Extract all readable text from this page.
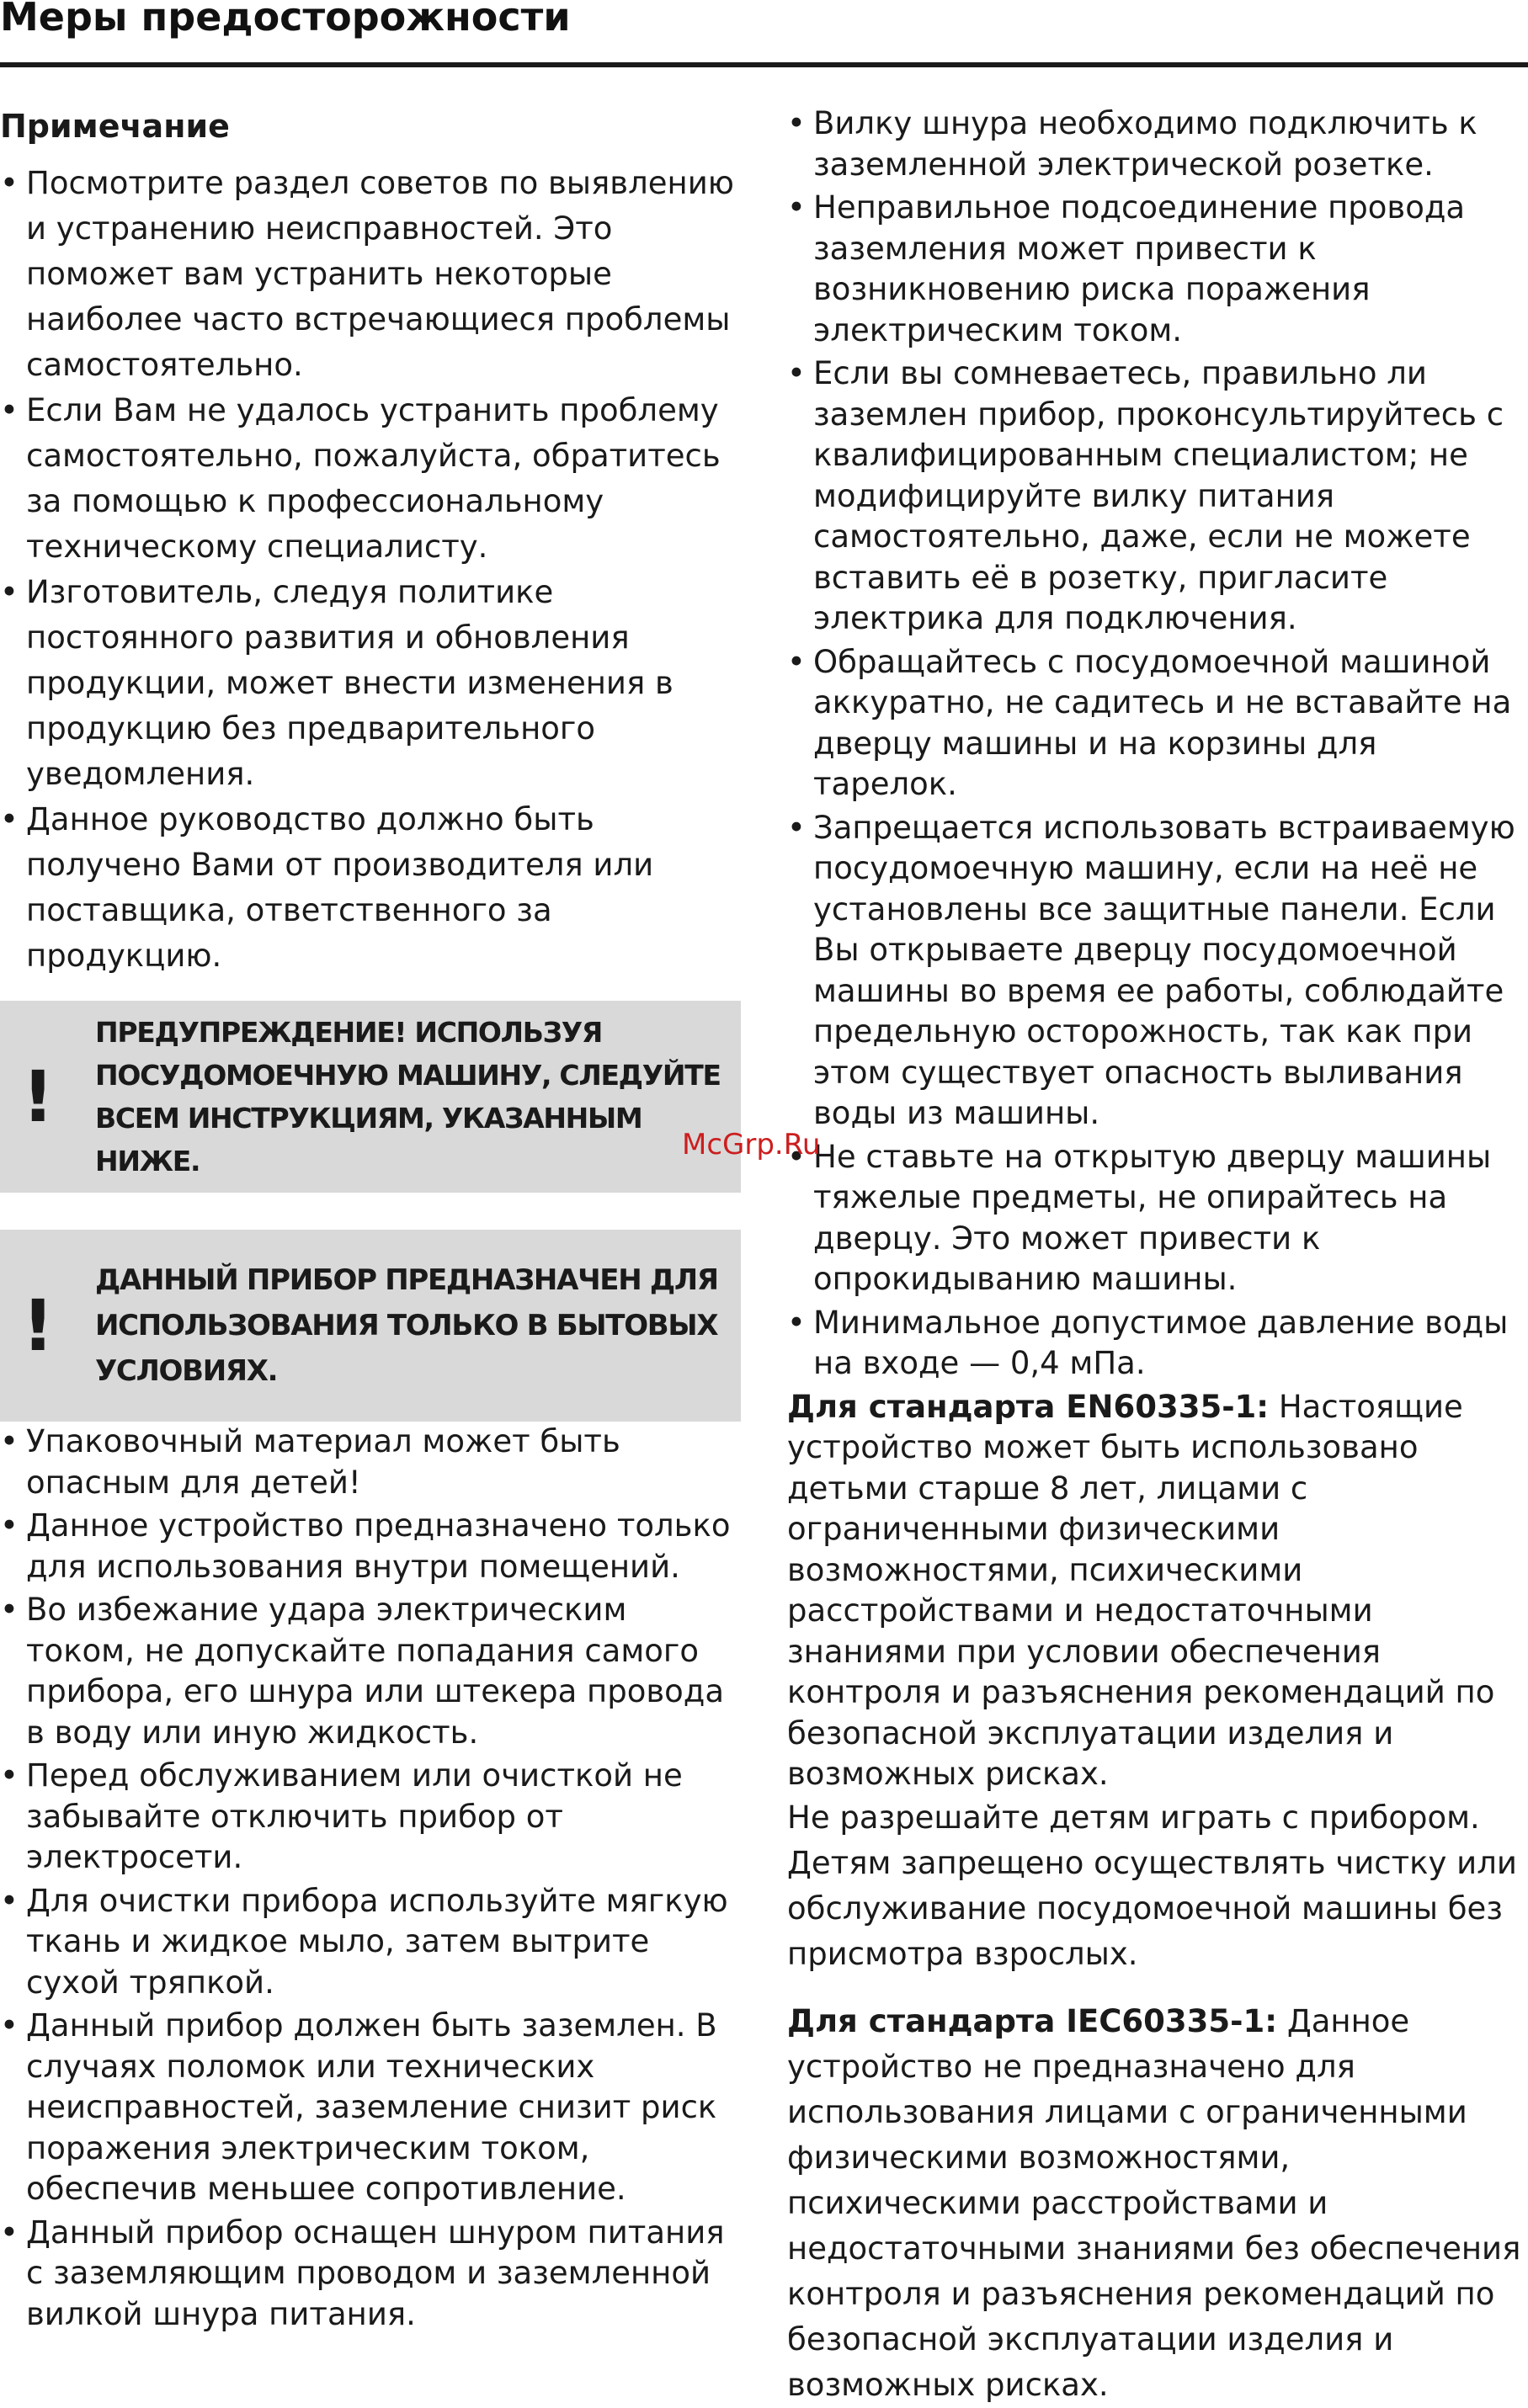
Меры предосторожности
Примечание
• Посмотрите раздел советов по выявлению и устранению неисправностей. Это поможет вам устранить некоторые наиболее часто встречающиеся проблемы самостоятельно.
• Если Вам не удалось устранить проблему самостоятельно, пожалуйста, обратитесь за помощью к профессиональному техническому специалисту.
• Изготовитель, следуя политике постоянного развития и обновления продукции, может внести изменения в продукцию без предварительного уведомления.
• Данное руководство должно быть получено Вами от производителя или поставщика, ответственного за продукцию.
!
ПРЕДУПРЕЖДЕНИЕ! ИСПОЛЬЗУЯ ПОСУДОМОЕЧНУЮ МАШИНУ, СЛЕДУЙТЕ ВСЕМ ИНСТРУКЦИЯМ, УКАЗАННЫМ НИЖЕ.
!
ДАННЫЙ ПРИБОР ПРЕДНАЗНАЧЕН ДЛЯ ИСПОЛЬЗОВАНИЯ ТОЛЬКО В БЫТОВЫХ УСЛОВИЯХ.
• Упаковочный материал может быть опасным для детей!
• Данное устройство предназначено только для использования внутри помещений.
• Во избежание удара электрическим током, не допускайте попадания самого прибора, его шнура или штекера провода в воду или иную жидкость.
• Перед обслуживанием или очисткой не забывайте отключить прибор от электросети.
• Для очистки прибора используйте мягкую ткань и жидкое мыло, затем вытрите сухой тряпкой.
• Данный прибор должен быть заземлен. В случаях поломок или технических неисправностей, заземление снизит риск поражения электрическим током, обеспечив меньшее сопротивление.
• Данный прибор оснащен шнуром питания с заземляющим проводом и заземленной вилкой шнура питания.
• Вилку шнура необходимо подключить к заземленной электрической розетке.
• Неправильное подсоединение провода заземления может привести к возникновению риска поражения электрическим током.
• Если вы сомневаетесь, правильно ли заземлен прибор, проконсультируйтесь с квалифицированным специалистом; не модифицируйте вилку питания самостоятельно, даже, если не можете вставить её в розетку, пригласите электрика для подключения.
• Обращайтесь с посудомоечной машиной аккуратно, не садитесь и не вставайте на дверцу машины и на корзины для тарелок.
• Запрещается использовать встраиваемую посудомоечную машину, если на неё не установлены все защитные панели. Если Вы открываете дверцу посудомоечной машины во время ее работы, соблюдайте предельную осторожность, так как при этом существует опасность выливания воды из машины.
• Не ставьте на открытую дверцу машины тяжелые предметы, не опирайтесь на дверцу. Это может привести к опрокидыванию машины.
• Минимальное допустимое давление воды на входе — 0,4 мПа.

Для стандарта EN60335-1: Настоящие устройство может быть использовано детьми старше 8 лет, лицами с ограниченными физическими возможностями, психическими расстройствами и недостаточными знаниями при условии обеспечения контроля и разъяснения рекомендаций по безопасной эксплуатации изделия и возможных рисках.

Не разрешайте детям играть с прибором.

Детям запрещено осуществлять чистку или обслуживание посудомоечной машины без присмотра взрослых.

Для стандарта IEC60335-1: Данное устройство не предназначено для использования лицами с ограниченными физическими возможностями, психическими расстройствами и недостаточными знаниями без обеспечения контроля и разъяснения рекомендаций по безопасной эксплуатации изделия и возможных рисках.

McGrp.Ru
